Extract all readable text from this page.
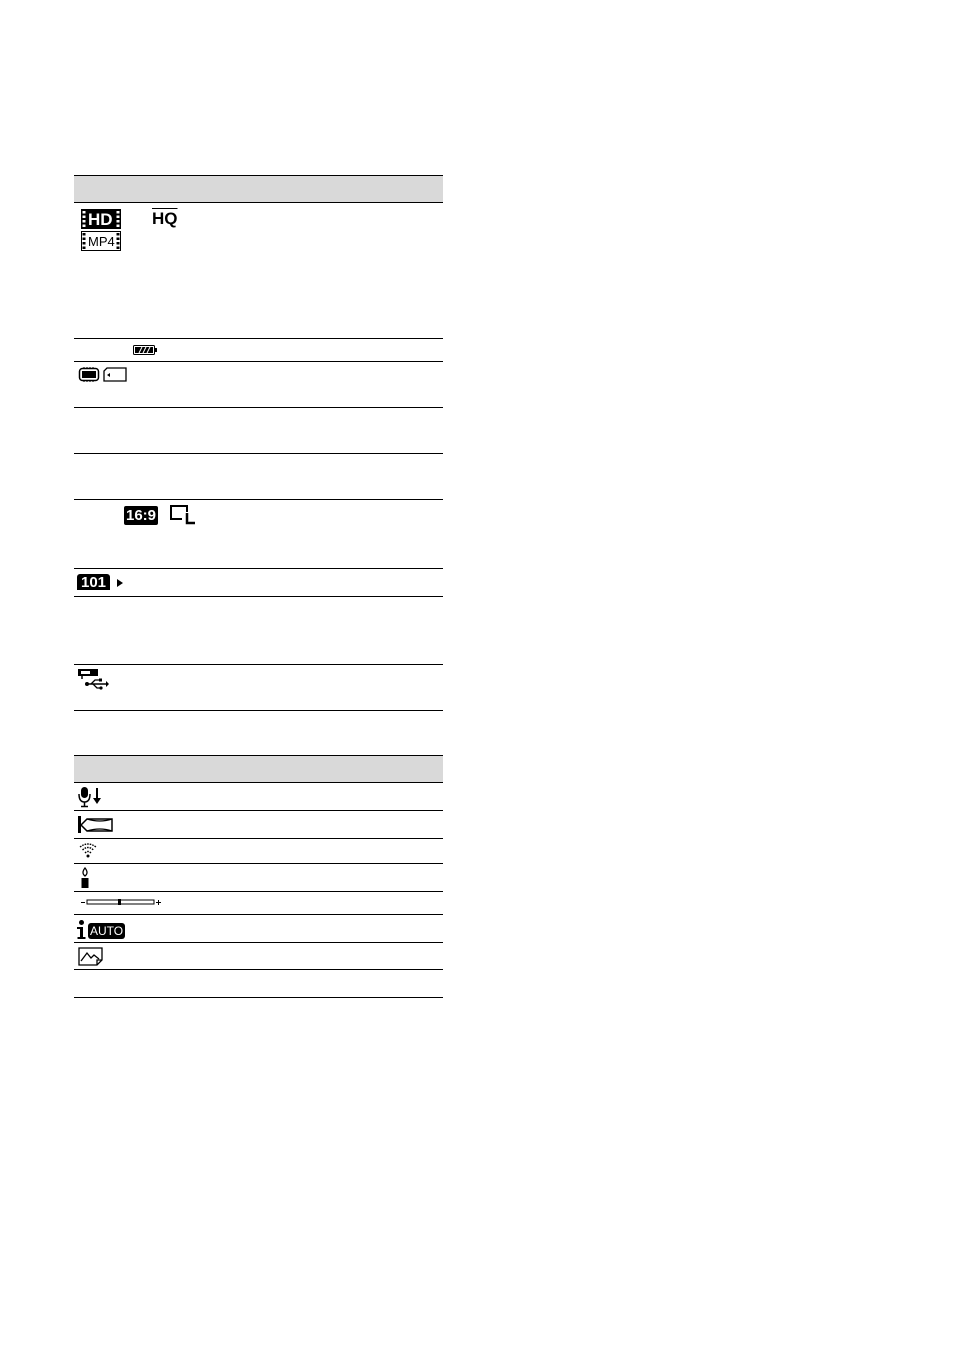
HD
MP4
$\overline{HQ}$
16:9
101
AUTO
